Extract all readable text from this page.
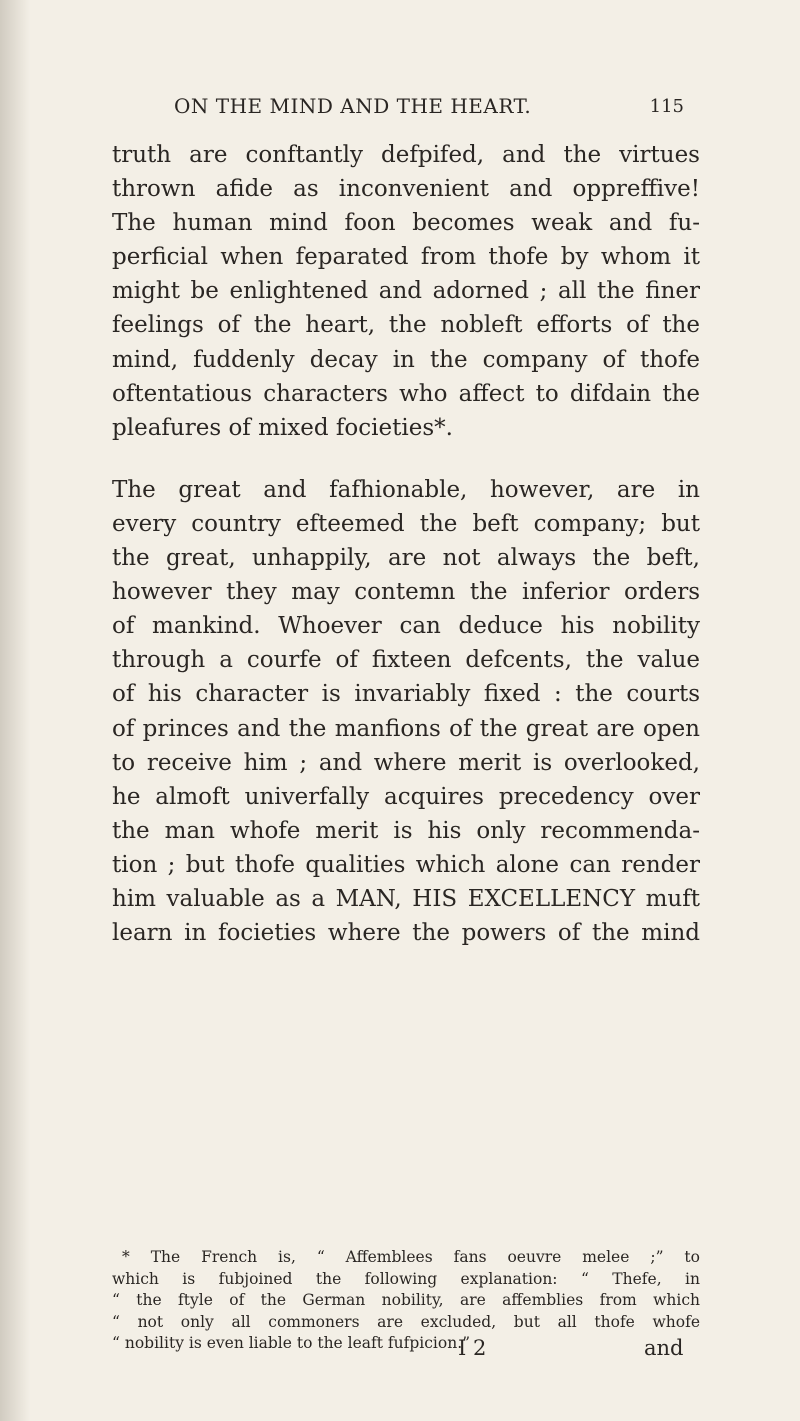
ON THE MIND AND THE HEART.	115
truth are conftantly defpifed, and the virtues
thrown afide as inconvenient and oppreffive!
The human mind foon becomes weak and fu-
perficial when feparated from thofe by whom it
might be enlightened and adorned ; all the finer
feelings of the heart, the nobleft efforts of the
mind, fuddenly decay in the company of thofe
oftentatious characters who affect to difdain the
pleafures of mixed focieties*.
The great and fafhionable, however, are in
every country efteemed the beft company; but
the great, unhappily, are not always the beft,
however they may contemn the inferior orders
of mankind. Whoever can deduce his nobility
through a courfe of fixteen defcents, the value
of his character is invariably fixed : the courts
of princes and the manfions of the great are open
to receive him ; and where merit is overlooked,
he almoft univerfally acquires precedency over
the man whofe merit is his only recommenda-
tion ; but thofe qualities which alone can render
him valuable as a MAN, HIS EXCELLENCY muft
learn in focieties where the powers of the mind
* The French is, “ Affemblees fans oeuvre melee ;” to
which is fubjoined the following explanation: “ Thefe, in
“ the ftyle of the German nobility, are affemblies from which
“ not only all commoners are excluded, but all thofe whofe
“ nobility is even liable to the leaft fufpicion.”
I 2	and
